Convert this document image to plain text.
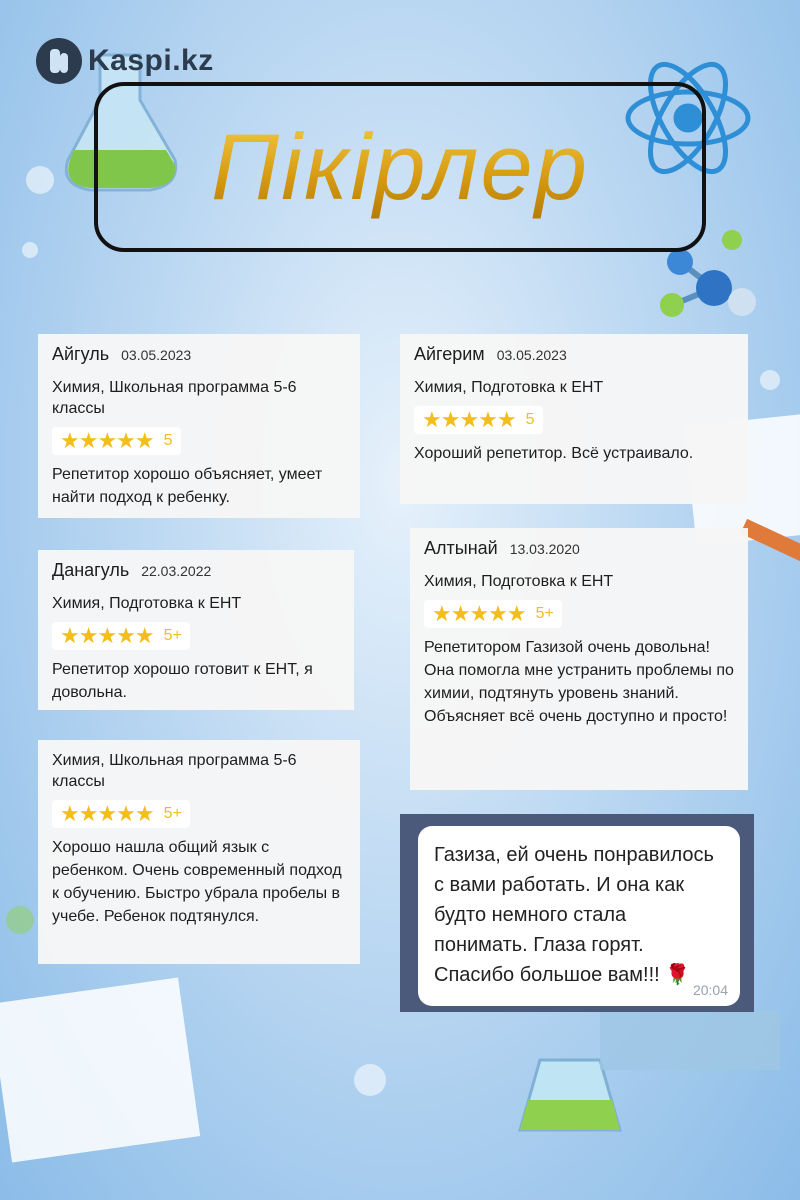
Kaspi.kz
Пікірлер
Айгуль 03.05.2023
Химия, Школьная программа 5-6 классы
★★★★★ 5
Репетитор хорошо объясняет, умеет найти подход к ребенку.
Данагуль 22.03.2022
Химия, Подготовка к ЕНТ
★★★★★ 5+
Репетитор хорошо готовит к ЕНТ, я довольна.
Химия, Школьная программа 5-6 классы
★★★★★ 5+
Хорошо нашла общий язык с ребенком. Очень современный подход к обучению. Быстро убрала пробелы в учебе. Ребенок подтянулся.
Айгерим 03.05.2023
Химия, Подготовка к ЕНТ
★★★★★ 5
Хороший репетитор. Всё устраивало.
Алтынай 13.03.2020
Химия, Подготовка к ЕНТ
★★★★★ 5+
Репетитором Газизой очень довольна! Она помогла мне устранить проблемы по химии, подтянуть уровень знаний. Объясняет всё очень доступно и просто!
Газиза, ей очень понравилось с вами работать. И она как будто немного стала понимать. Глаза горят. Спасибо большое вам!!! 🌹
20:04
